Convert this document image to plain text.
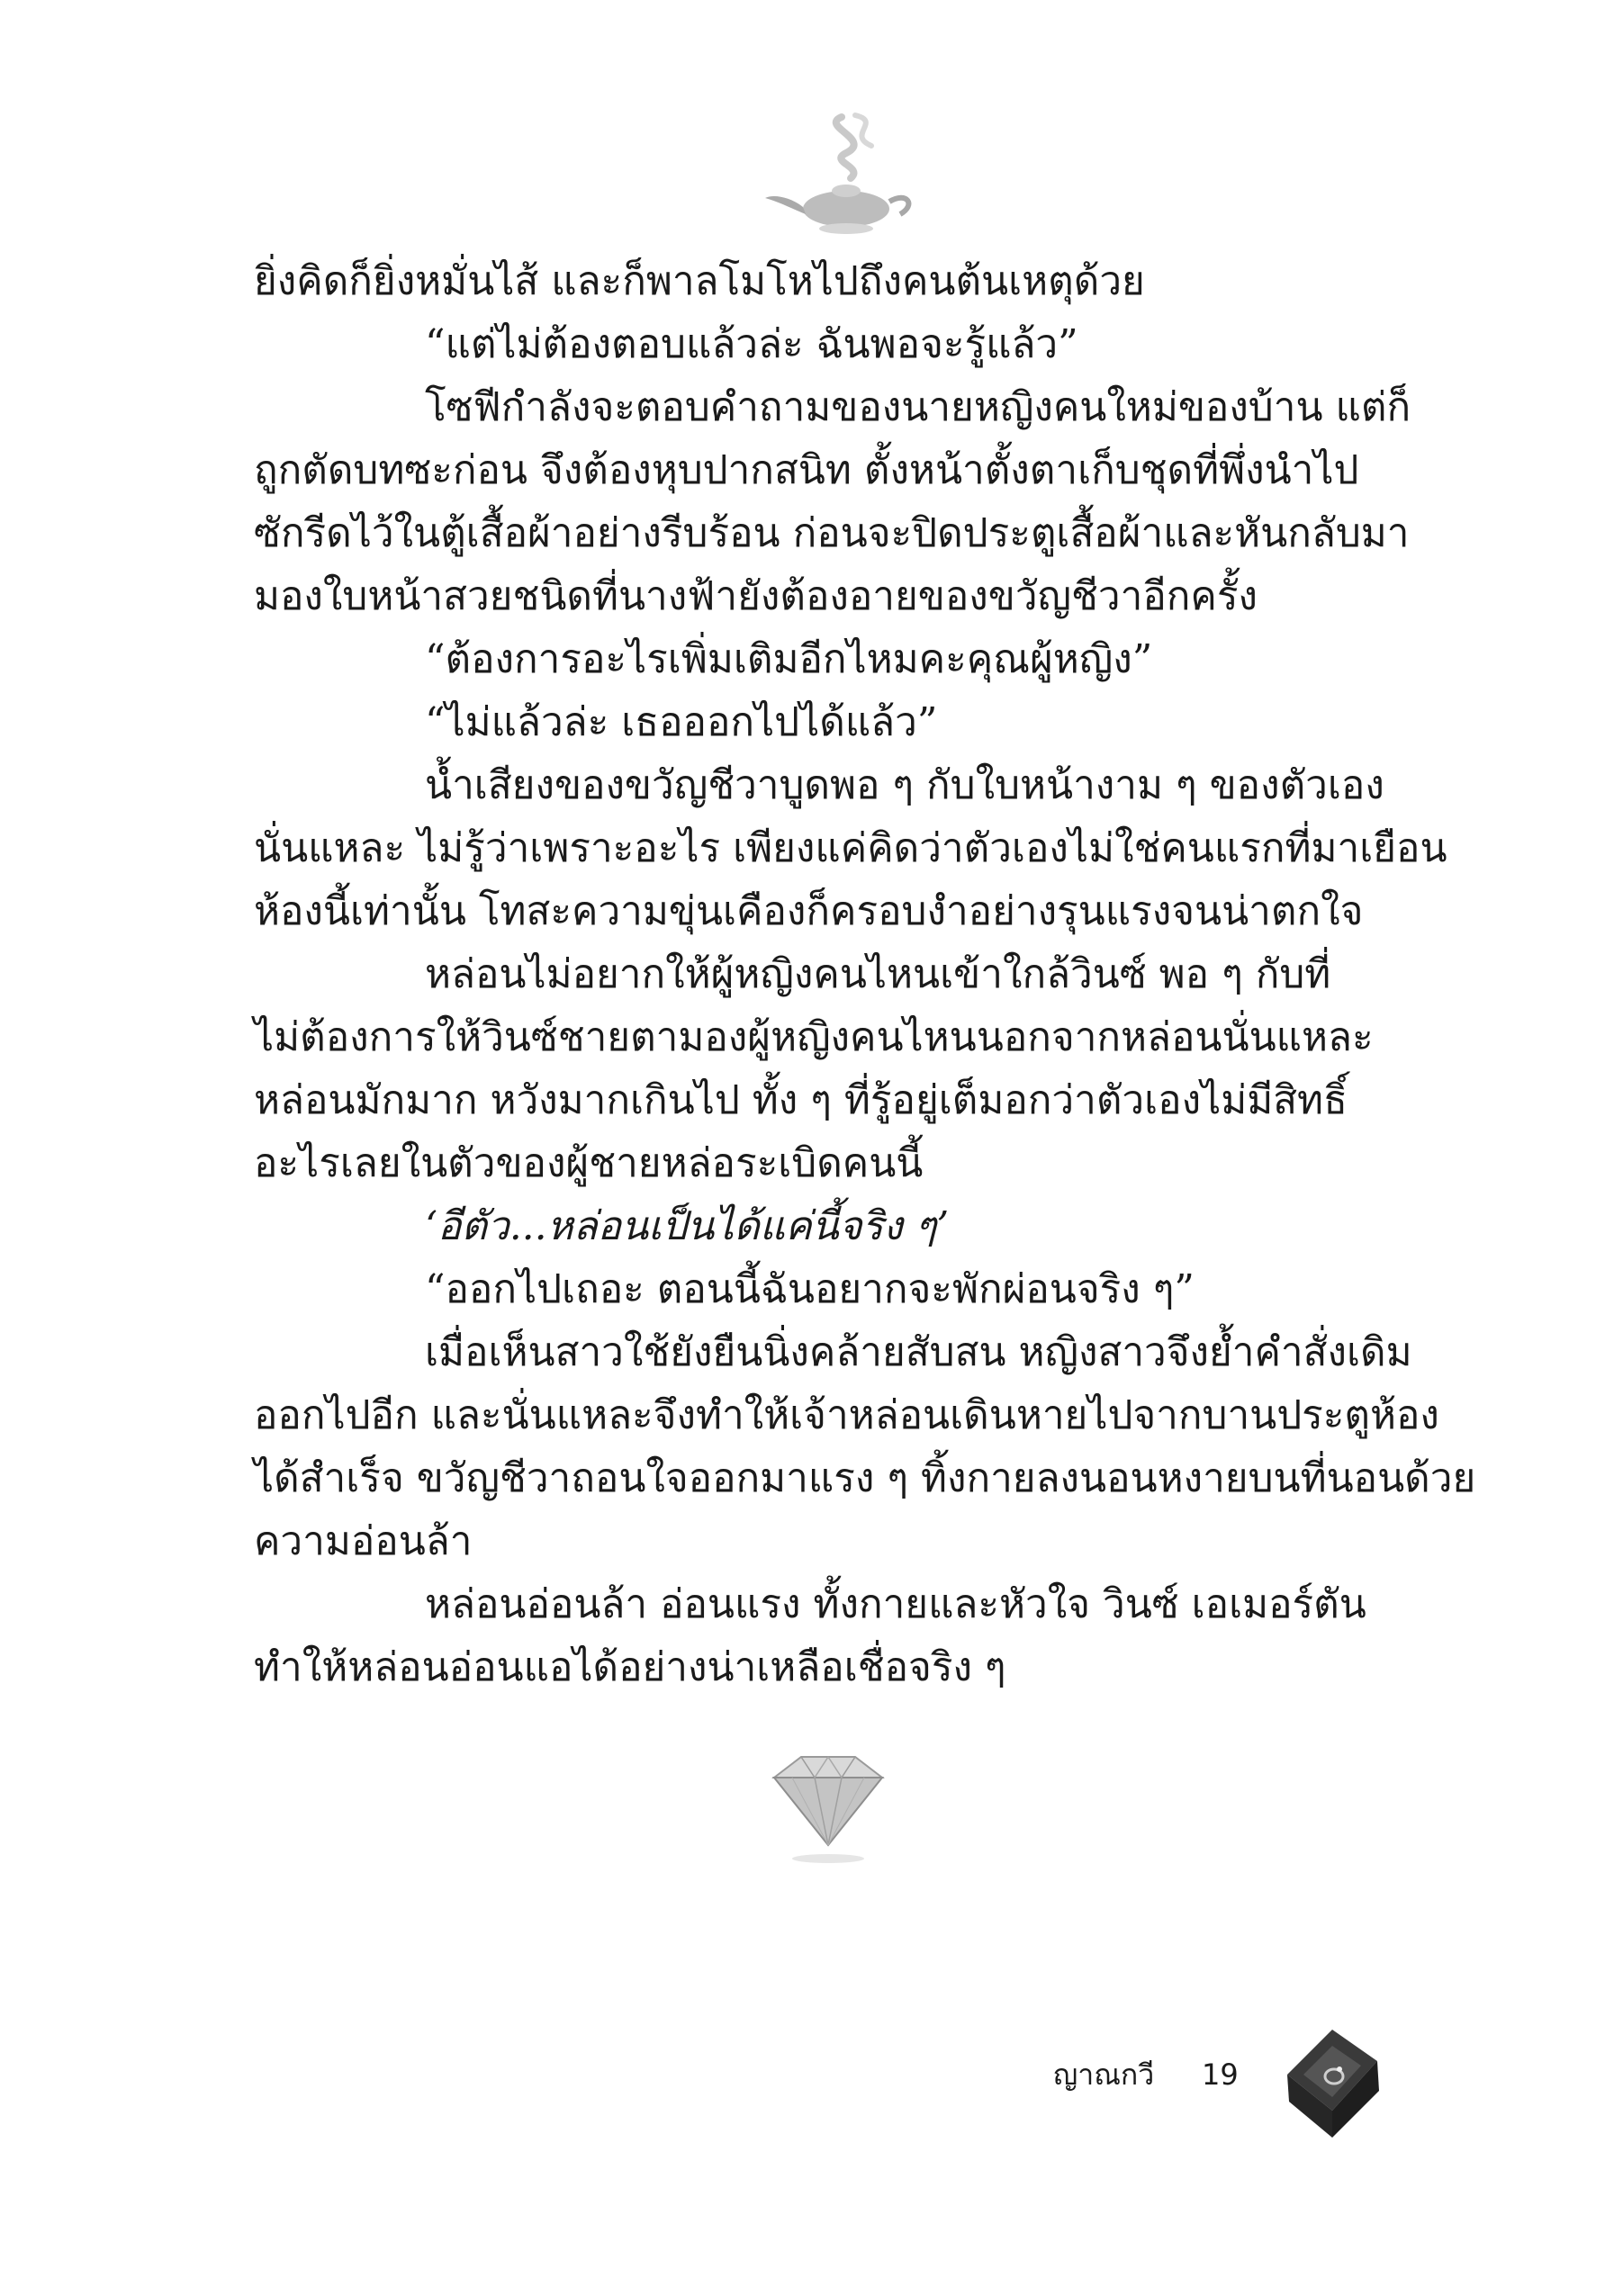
ยิ่งคิดก็ยิ่งหมั่นไส้ และก็พาลโมโหไปถึงคนต้นเหตุด้วย

“แต่ไม่ต้องตอบแล้วล่ะ ฉันพอจะรู้แล้ว”

โซฟีกำลังจะตอบคำถามของนายหญิงคนใหม่ของบ้าน แต่ก็

ถูกตัดบทซะก่อน จึงต้องหุบปากสนิท ตั้งหน้าตั้งตาเก็บชุดที่พึ่งนำไป

ซักรีดไว้ในตู้เสื้อผ้าอย่างรีบร้อน ก่อนจะปิดประตูเสื้อผ้าและหันกลับมา

มองใบหน้าสวยชนิดที่นางฟ้ายังต้องอายของขวัญชีวาอีกครั้ง

“ต้องการอะไรเพิ่มเติมอีกไหมคะคุณผู้หญิง”

“ไม่แล้วล่ะ เธอออกไปได้แล้ว”

น้ำเสียงของขวัญชีวาบูดพอ ๆ กับใบหน้างาม ๆ ของตัวเอง

นั่นแหละ ไม่รู้ว่าเพราะอะไร เพียงแค่คิดว่าตัวเองไม่ใช่คนแรกที่มาเยือน

ห้องนี้เท่านั้น โทสะความขุ่นเคืองก็ครอบงำอย่างรุนแรงจนน่าตกใจ

หล่อนไม่อยากให้ผู้หญิงคนไหนเข้าใกล้วินซ์ พอ ๆ กับที่

ไม่ต้องการให้วินซ์ชายตามองผู้หญิงคนไหนนอกจากหล่อนนั่นแหละ

หล่อนมักมาก หวังมากเกินไป ทั้ง ๆ ที่รู้อยู่เต็มอกว่าตัวเองไม่มีสิทธิ์

อะไรเลยในตัวของผู้ชายหล่อระเบิดคนนี้

‘อีตัว...หล่อนเป็นได้แค่นี้จริง ๆ’

“ออกไปเถอะ ตอนนี้ฉันอยากจะพักผ่อนจริง ๆ”

เมื่อเห็นสาวใช้ยังยืนนิ่งคล้ายสับสน หญิงสาวจึงย้ำคำสั่งเดิม

ออกไปอีก และนั่นแหละจึงทำให้เจ้าหล่อนเดินหายไปจากบานประตูห้อง

ได้สำเร็จ ขวัญชีวาถอนใจออกมาแรง ๆ ทิ้งกายลงนอนหงายบนที่นอนด้วย

ความอ่อนล้า

หล่อนอ่อนล้า อ่อนแรง ทั้งกายและหัวใจ วินซ์ เอเมอร์ตัน

ทำให้หล่อนอ่อนแอได้อย่างน่าเหลือเชื่อจริง ๆ

ญาณกวี 19
